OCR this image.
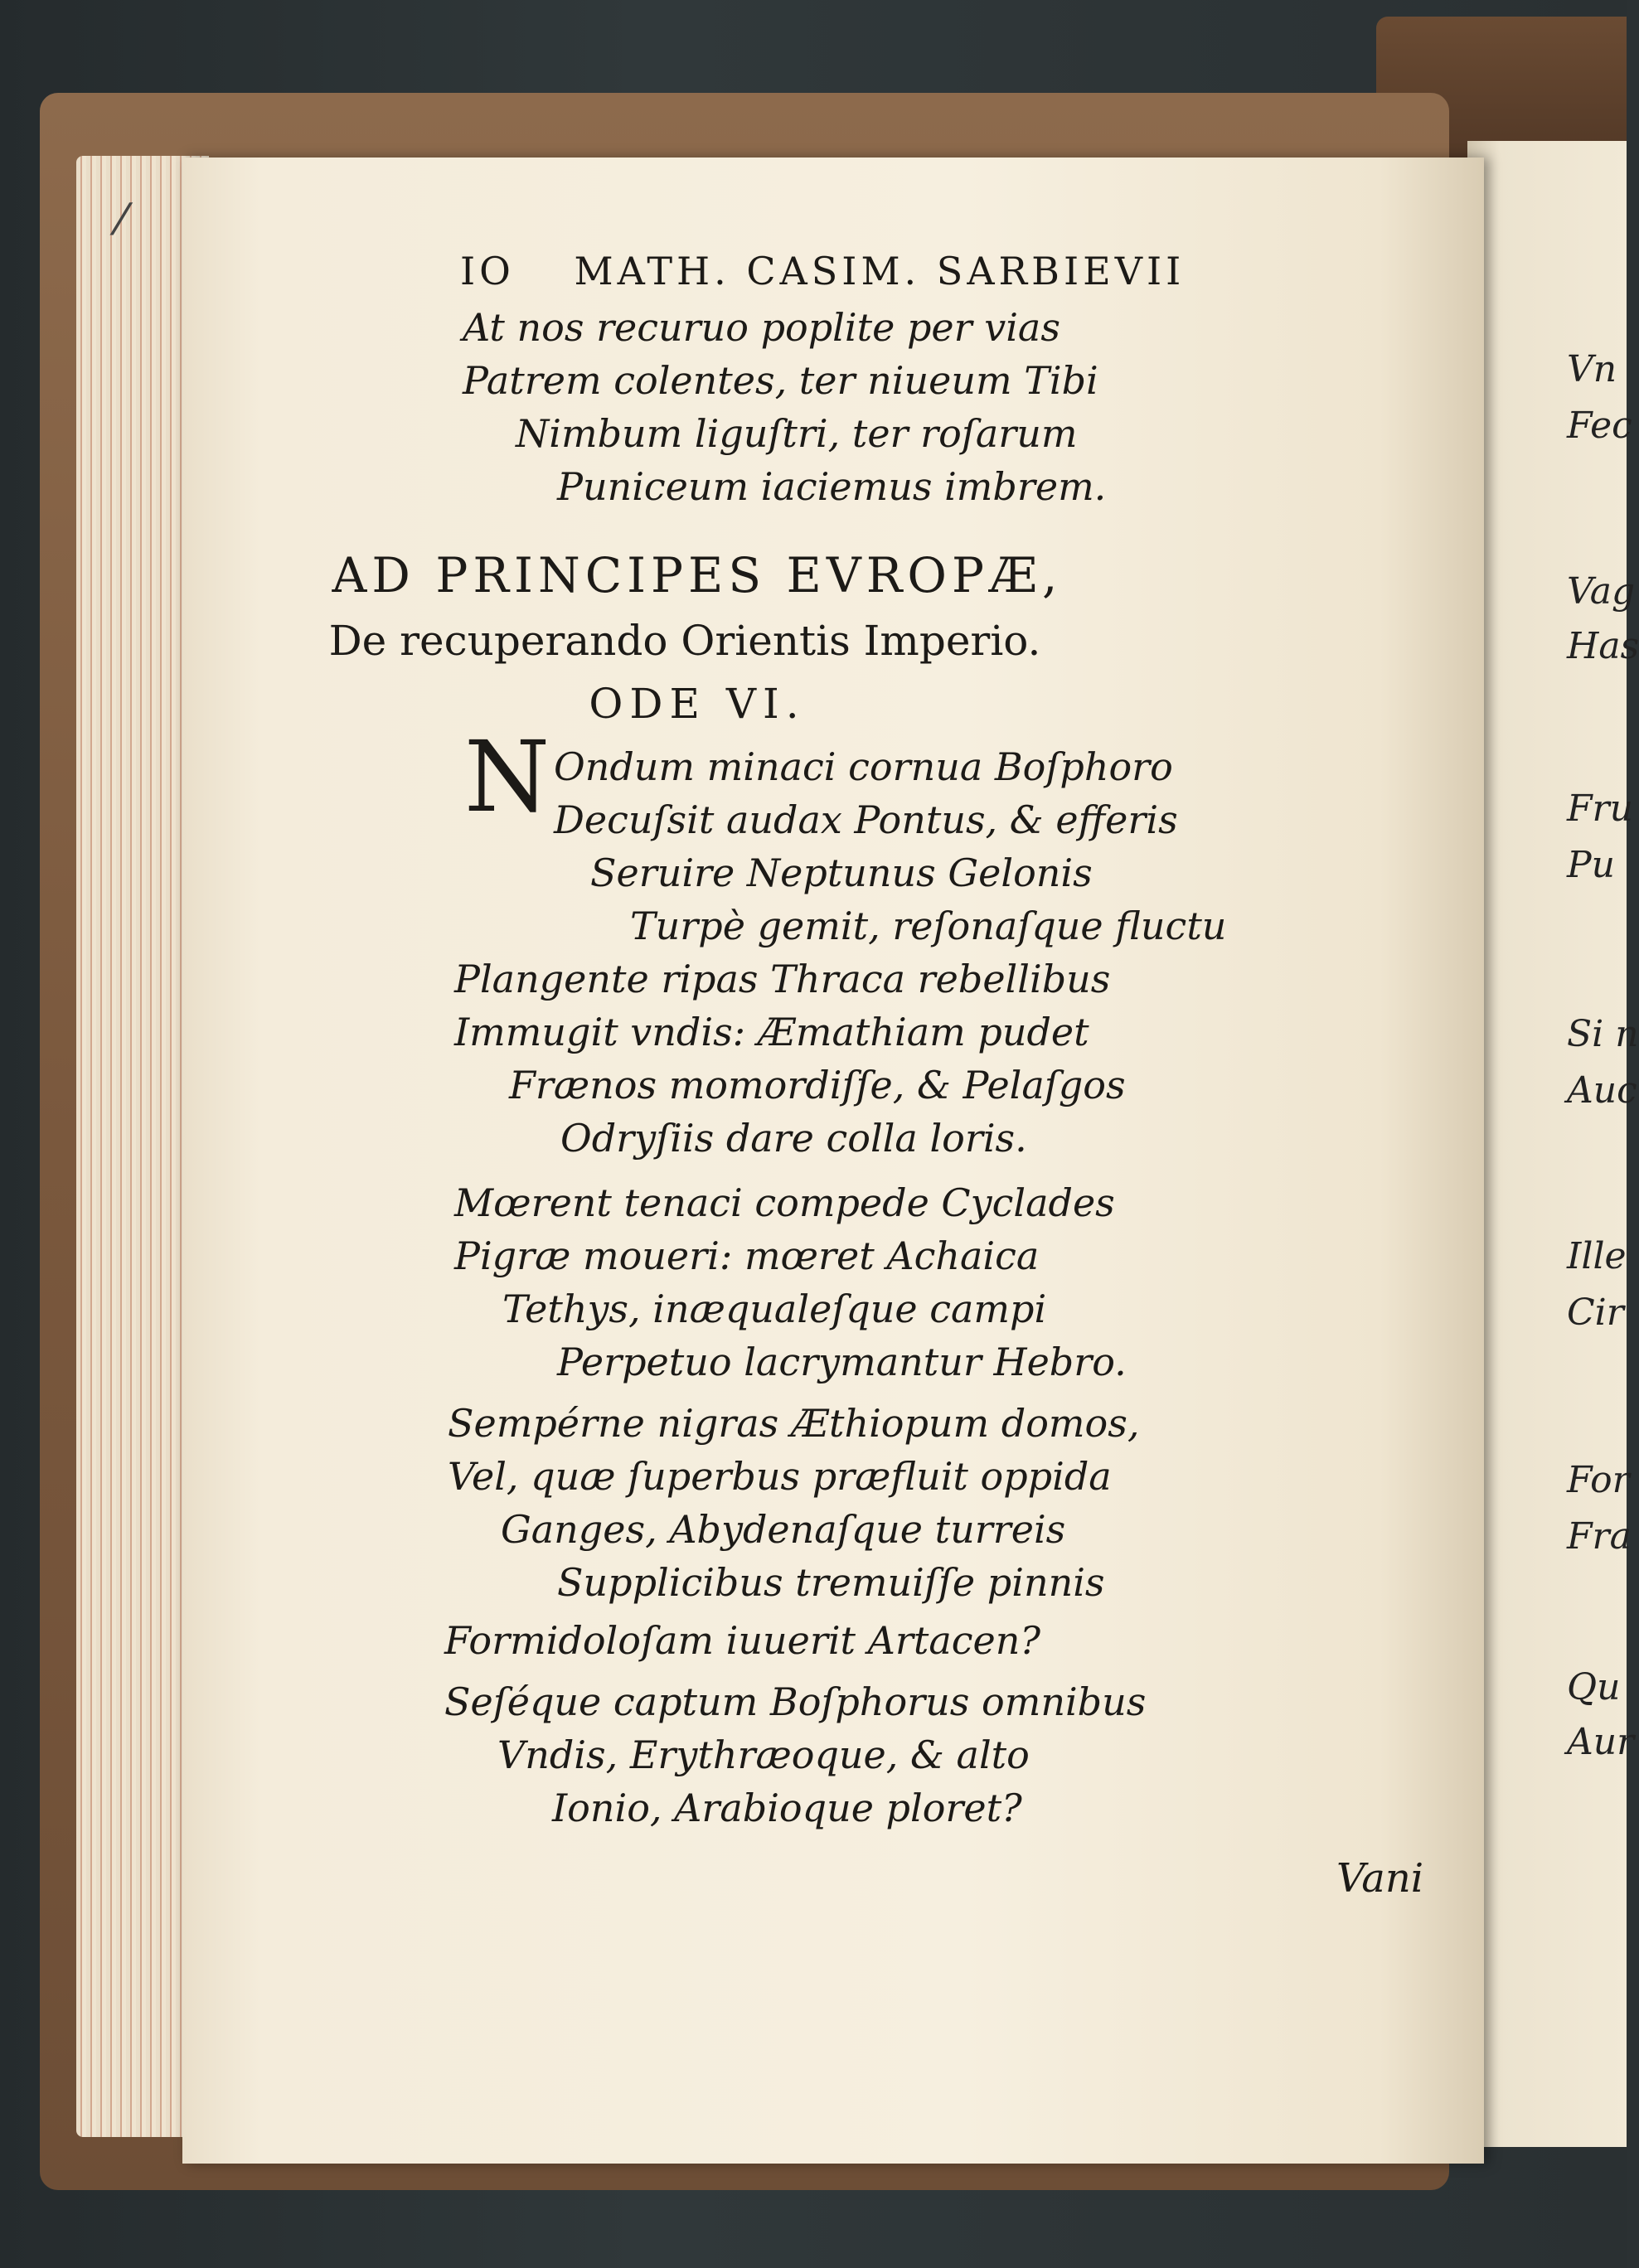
Vn
Fec
Vag
Has
Fru
Pu
Si n
Auc
Ille
Cir
For
Fra
Qu
Aur
⁄
IO MATH. CASIM. SARBIEVII
At nos recuruo poplite per vias
Patrem colentes, ter niueum Tibi
Nimbum liguſtri, ter roſarum
Puniceum iaciemus imbrem.
AD PRINCIPES EVROPÆ,
De recuperando Orientis Imperio.
ODE VI.
N Ondum minaci cornua Boſphoro
Decuſsit audax Pontus, & efferis
Seruire Neptunus Gelonis
Turpè gemit, reſonaſque fluctu
Plangente ripas Thraca rebellibus
Immugit vndis: Æmathiam pudet
Frænos momordiſſe, & Pelaſgos
Odryſiis dare colla loris.
Mœrent tenaci compede Cyclades
Pigræ moueri: mœret Achaica
Tethys, inæqualeſque campi
Perpetuo lacrymantur Hebro.
Sempérne nigras Æthiopum domos,
Vel, quæ ſuperbus præfluit oppida
Ganges, Abydenaſque turreis
Supplicibus tremuiſſe pinnis
Formidoloſam iuuerit Artacen?
Seſéque captum Boſphorus omnibus
Vndis, Erythræoque, & alto
Ionio, Arabioque ploret?
Vani
